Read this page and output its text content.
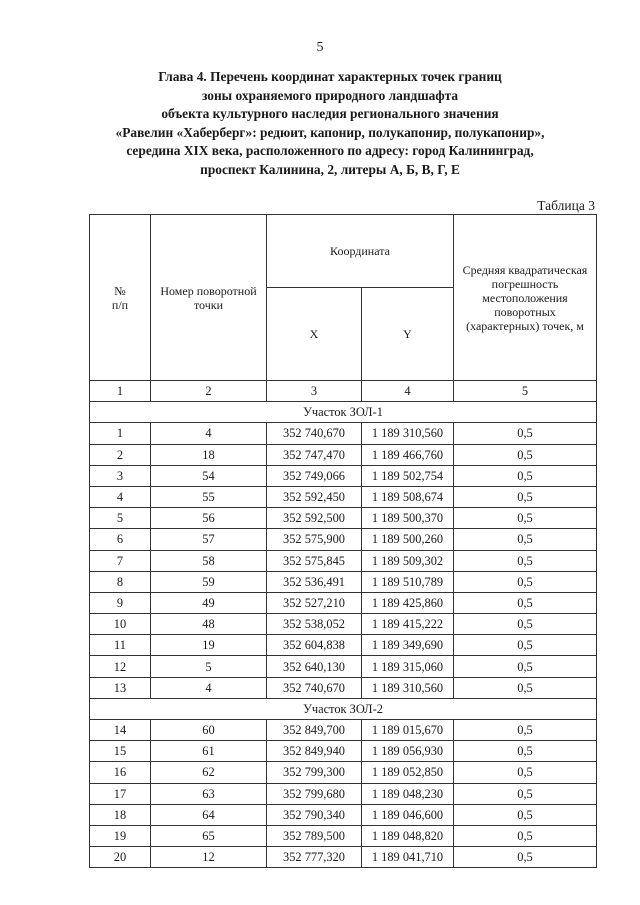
5
Глава 4. Перечень координат характерных точек границ
зоны охраняемого природного ландшафта
объекта культурного наследия регионального значения
«Равелин «Хаберберг»: редюит, капонир, полукапонир, полукапонир»,
середина XIX века, расположенного по адресу: город Калининград,
проспект Калинина, 2, литеры А, Б, В, Г, Е
Таблица 3
№
п/п	Номер поворотной точки	Координата		Средняя квадратическая погрешность местоположения поворотных (характерных) точек, м
		X	Y	
1	2	3	4	5
Участок ЗОЛ-1				
1	4	352 740,670	1 189 310,560	0,5
2	18	352 747,470	1 189 466,760	0,5
3	54	352 749,066	1 189 502,754	0,5
4	55	352 592,450	1 189 508,674	0,5
5	56	352 592,500	1 189 500,370	0,5
6	57	352 575,900	1 189 500,260	0,5
7	58	352 575,845	1 189 509,302	0,5
8	59	352 536,491	1 189 510,789	0,5
9	49	352 527,210	1 189 425,860	0,5
10	48	352 538,052	1 189 415,222	0,5
11	19	352 604,838	1 189 349,690	0,5
12	5	352 640,130	1 189 315,060	0,5
13	4	352 740,670	1 189 310,560	0,5
Участок ЗОЛ-2				
14	60	352 849,700	1 189 015,670	0,5
15	61	352 849,940	1 189 056,930	0,5
16	62	352 799,300	1 189 052,850	0,5
17	63	352 799,680	1 189 048,230	0,5
18	64	352 790,340	1 189 046,600	0,5
19	65	352 789,500	1 189 048,820	0,5
20	12	352 777,320	1 189 041,710	0,5
